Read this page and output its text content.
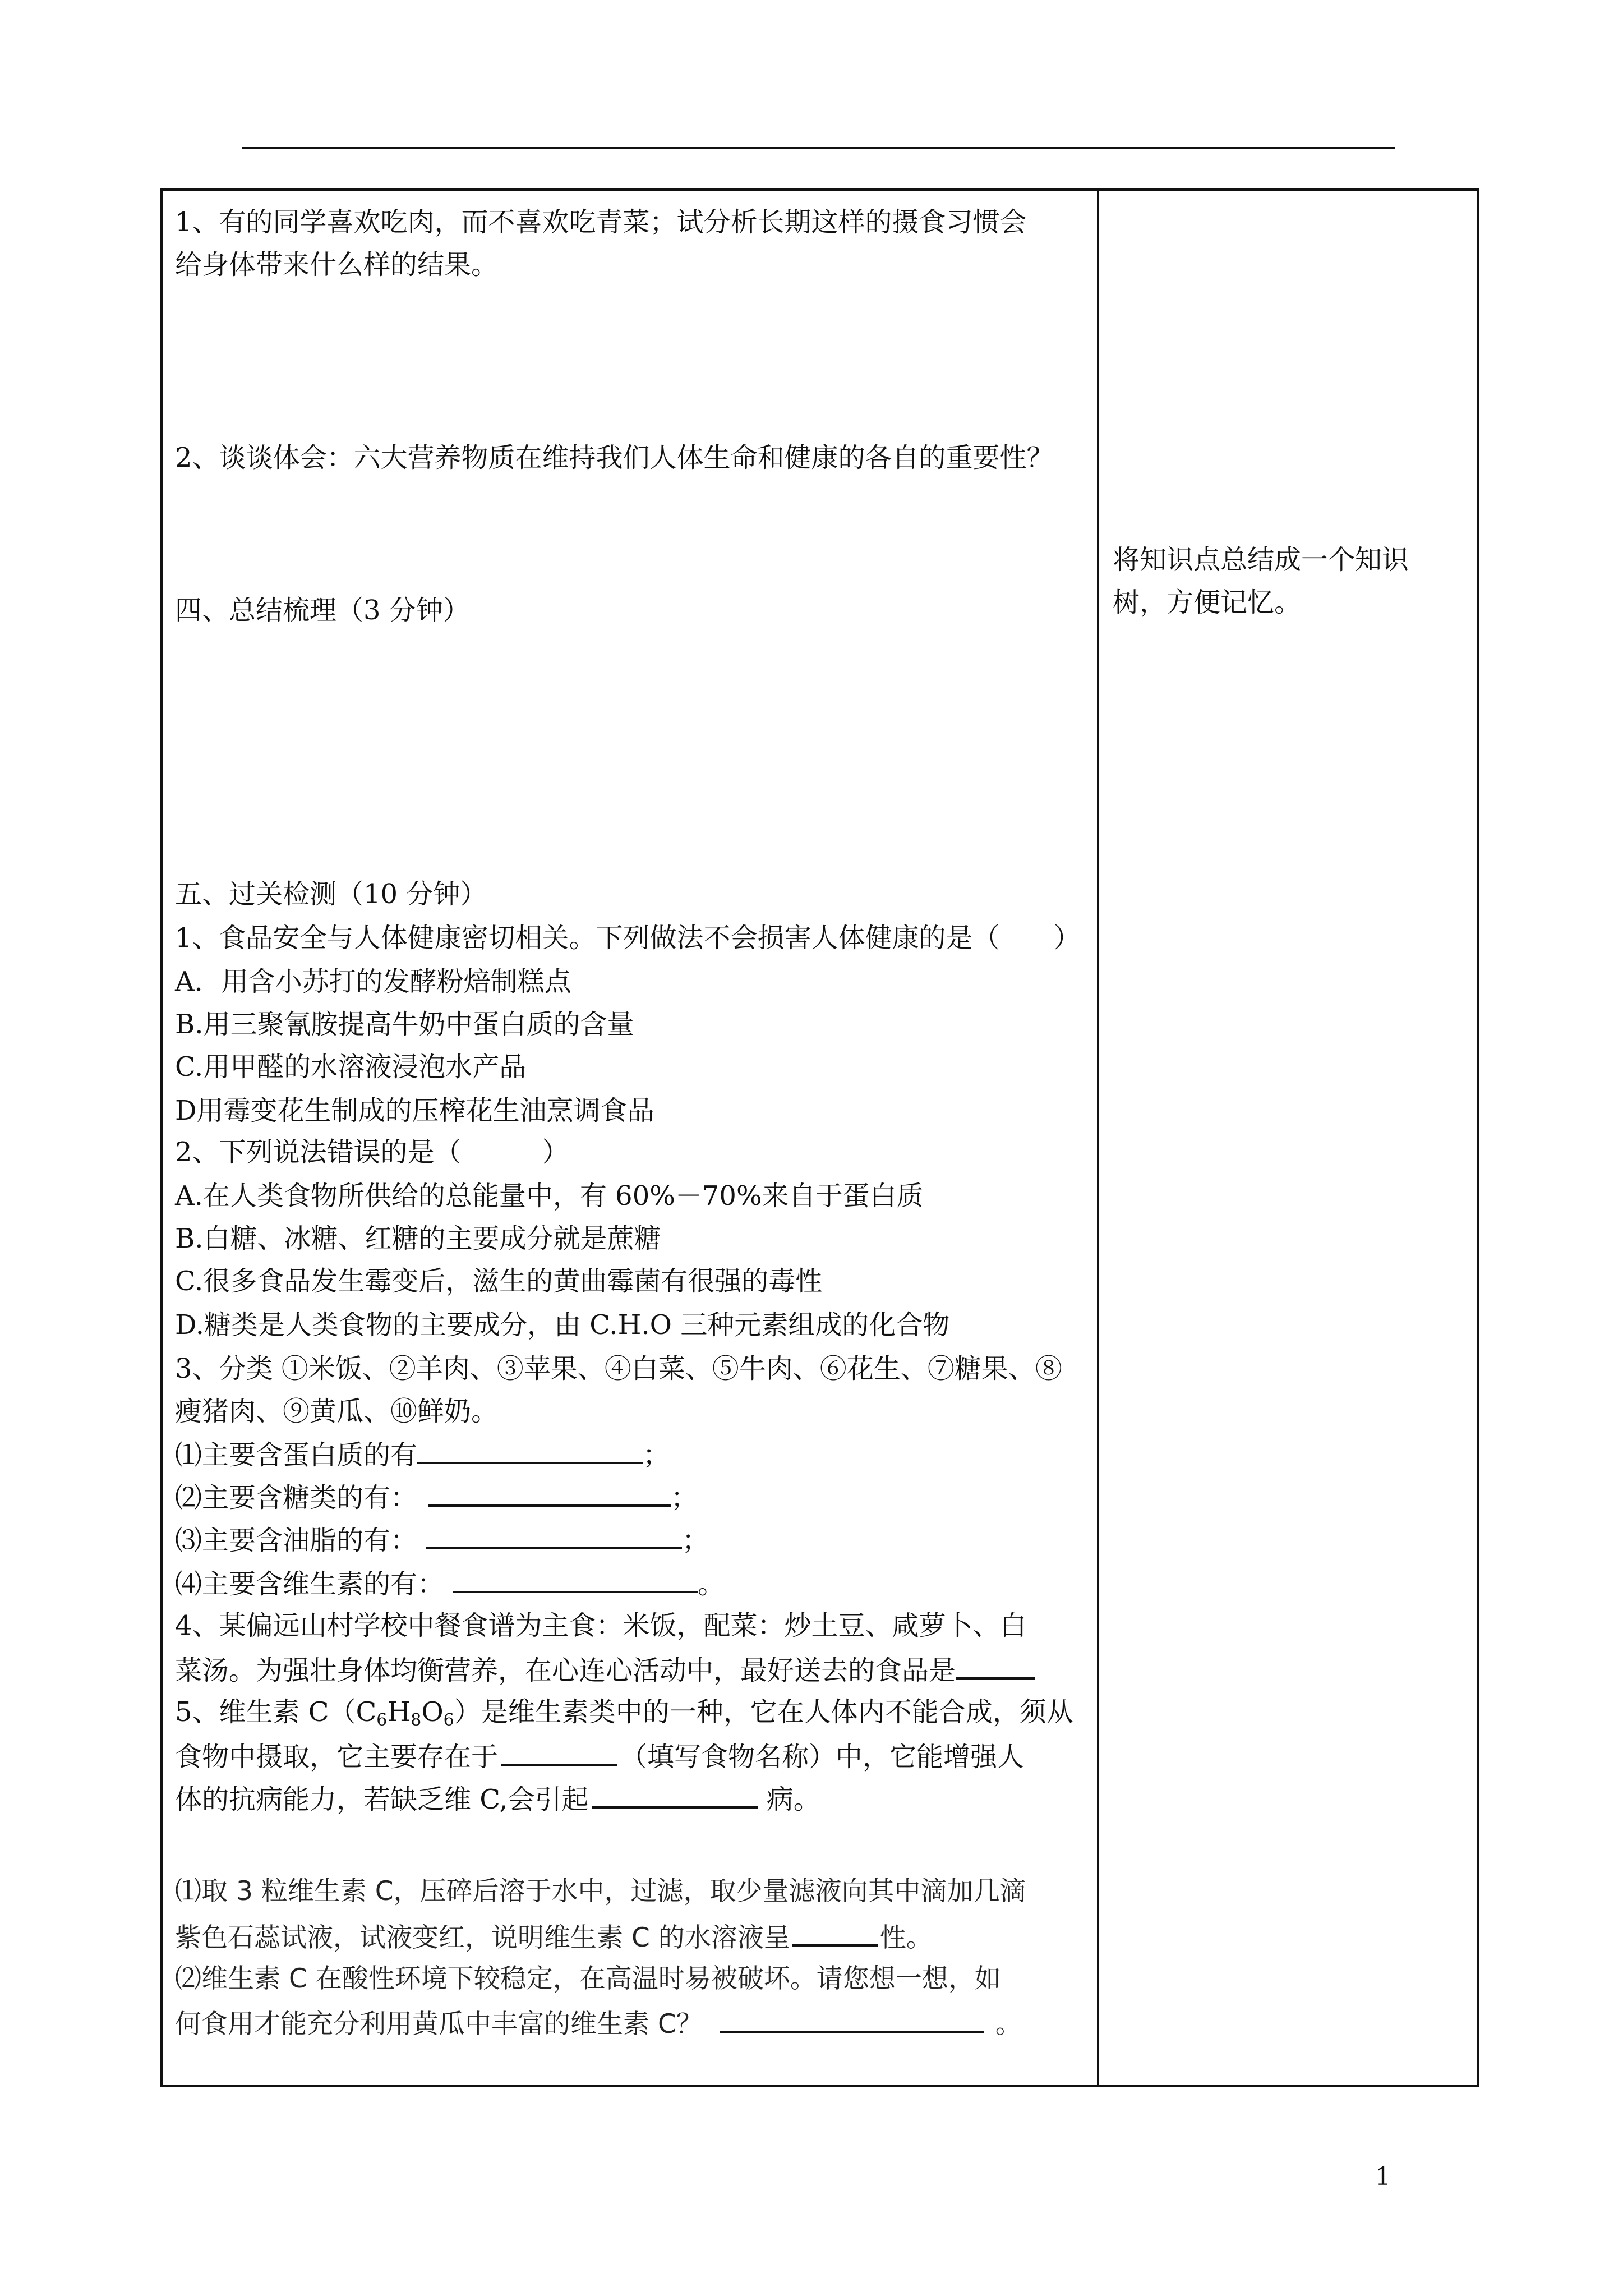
1、有的同学喜欢吃肉，而不喜欢吃青菜；试分析长期这样的摄食习惯会
给身体带来什么样的结果。
2、谈谈体会：六大营养物质在维持我们人体生命和健康的各自的重要性？
四、总结梳理（3 分钟）
五、过关检测（10 分钟）
1、食品安全与人体健康密切相关。下列做法不会损害人体健康的是（　　）
A．用含小苏打的发酵粉焙制糕点
B.用三聚氰胺提高牛奶中蛋白质的含量
C.用甲醛的水溶液浸泡水产品
D用霉变花生制成的压榨花生油烹调食品
2、下列说法错误的是（　　　）
A.在人类食物所供给的总能量中，有 60%－70%来自于蛋白质
B.白糖、冰糖、红糖的主要成分就是蔗糖
C.很多食品发生霉变后，滋生的黄曲霉菌有很强的毒性
D.糖类是人类食物的主要成分，由 C.H.O 三种元素组成的化合物
3、分类 ①米饭、②羊肉、③苹果、④白菜、⑤牛肉、⑥花生、⑦糖果、⑧
瘦猪肉、⑨黄瓜、⑩鲜奶。
⑴主要含蛋白质的有	；
⑵主要含糖类的有：	；
⑶主要含油脂的有：	；
⑷主要含维生素的有：	。
4、某偏远山村学校中餐食谱为主食：米饭，配菜：炒土豆、咸萝卜、白
菜汤。为强壮身体均衡营养，在心连心活动中，最好送去的食品是
5、维生素 $C(C_6H_8O_6)$是维生素类中的一种，它在人体内不能合成，须从
食物中摄取，它主要存在于	（填写食物名称）中，它能增强人
体的抗病能力，若缺乏维 C,会引起	病。
⑴取 3 粒维生素 C，压碎后溶于水中，过滤，取少量滤液向其中滴加几滴
紫色石蕊试液，试液变红，说明维生素 C 的水溶液呈	性。
⑵维生素 C 在酸性环境下较稳定，在高温时易被破坏。请您想一想，如
何食用才能充分利用黄瓜中丰富的维生素 C？	。
将知识点总结成一个知识
树，方便记忆。
1
